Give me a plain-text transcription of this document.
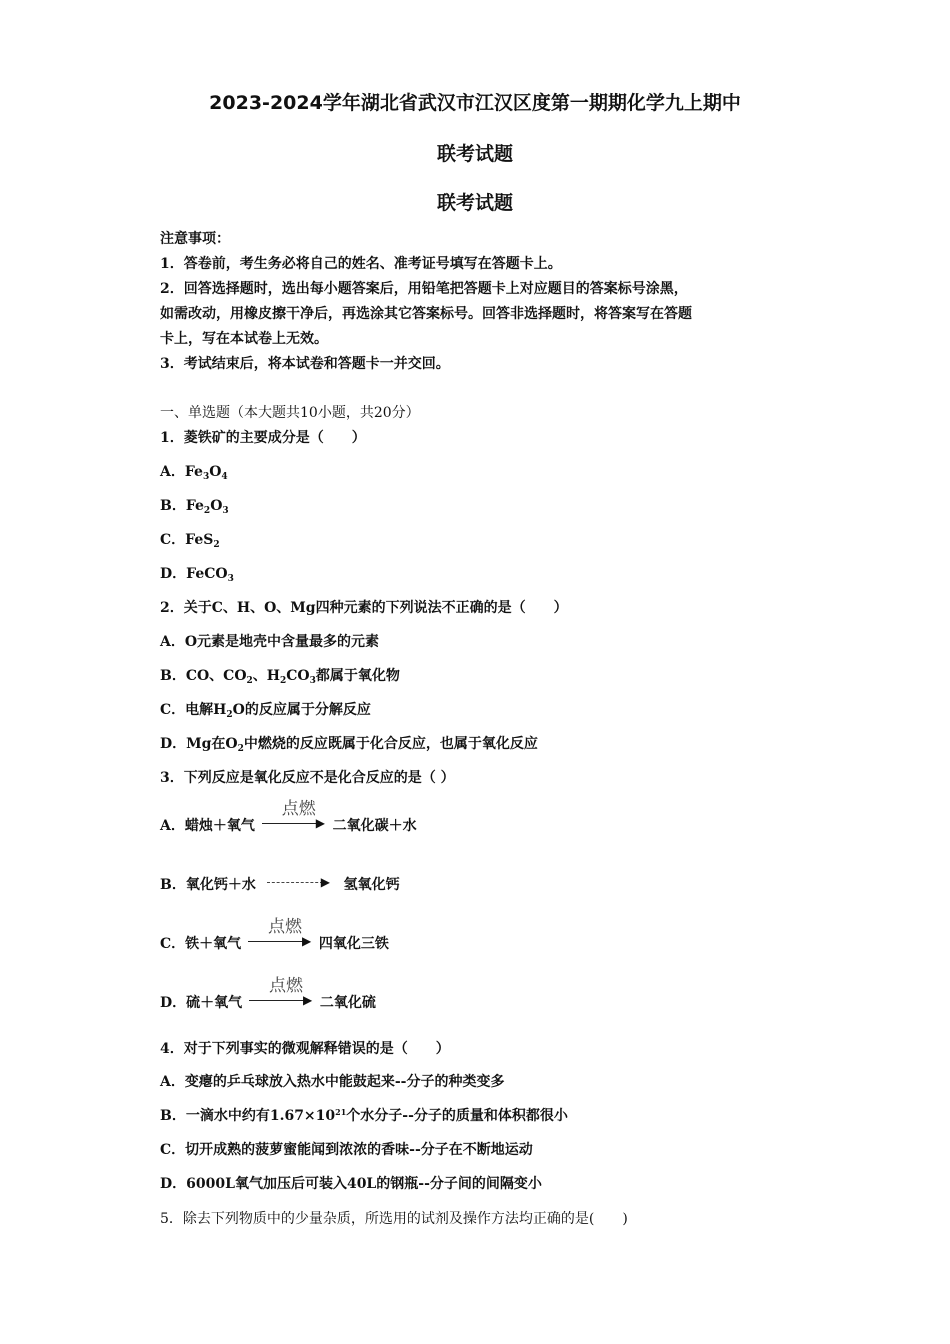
2023-2024学年湖北省武汉市江汉区度第一期期化学九上期中
联考试题
联考试题
注意事项：
1．答卷前，考生务必将自己的姓名、准考证号填写在答题卡上。
2．回答选择题时，选出每小题答案后，用铅笔把答题卡上对应题目的答案标号涂黑，
如需改动，用橡皮擦干净后，再选涂其它答案标号。回答非选择题时，将答案写在答题
卡上，写在本试卷上无效。
3．考试结束后，将本试卷和答题卡一并交回。
一、单选题（本大题共10小题，共20分）
1．菱铁矿的主要成分是（　　）
A．$Fe_3O_4$
B．$Fe_2O_3$
C．FeS$_2$
D．FeCO$_3$
2．关于C、H、O、Mg四种元素的下列说法不正确的是（　　）
A．O元素是地壳中含量最多的元素
B．CO、$CO_2$、$H_2CO_3$都属于氧化物
C．电解$H_2O$的反应属于分解反应
D．Mg在$O_2$中燃烧的反应既属于化合反应，也属于氧化反应
3．下列反应是氧化反应不是化合反应的是（ ）
A．蜡烛＋氧气
点燃
▶ 二氧化碳＋水
B．氧化钙＋水	▶ 氢氧化钙
C．铁＋氧气
点燃
▶ 四氧化三铁
D．硫＋氧气
点燃
▶ 二氧化硫
4．对于下列事实的微观解释错误的是（　　）
A．变瘪的乒乓球放入热水中能鼓起来--分子的种类变多
B．一滴水中约有$1.67\times 10^{21}$个水分子--分子的质量和体积都很小
C．切开成熟的菠萝蜜能闻到浓浓的香味--分子在不断地运动
D．6000L氧气加压后可装入40L的钢瓶--分子间的间隔变小
5．除去下列物质中的少量杂质，所选用的试剂及操作方法均正确的是(　　)
